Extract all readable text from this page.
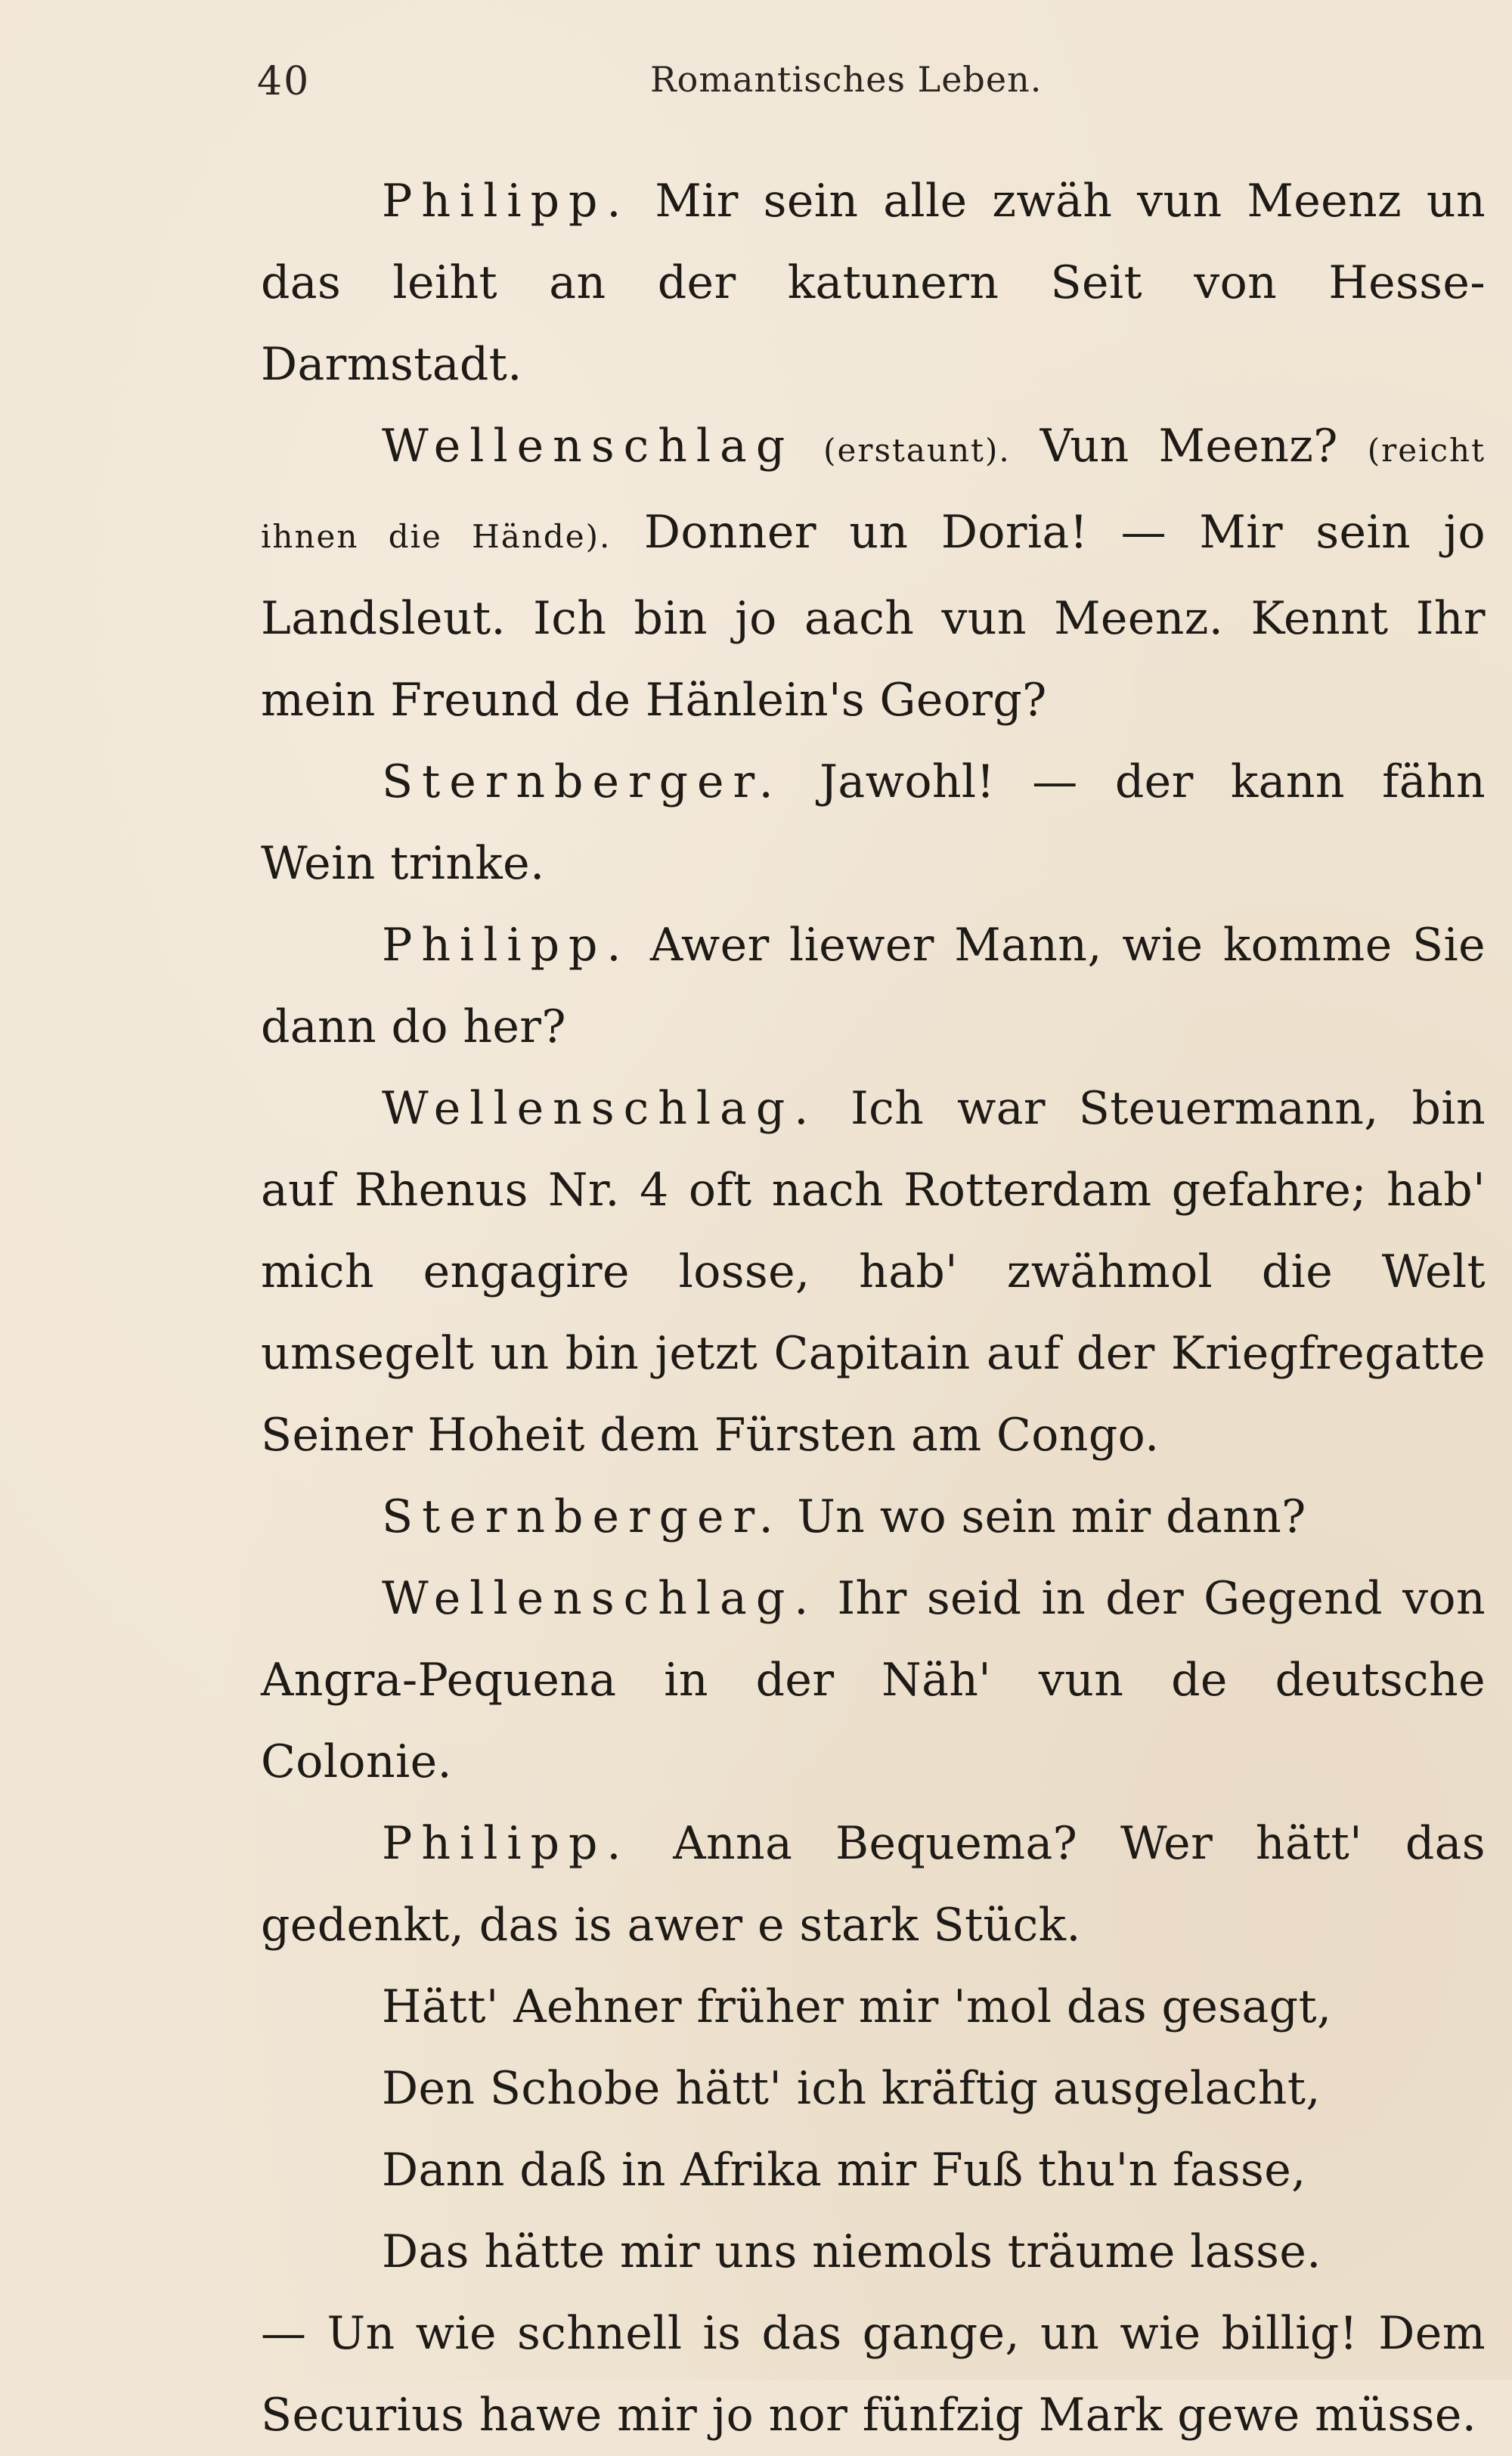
40	Romantisches Leben.

Philipp. Mir sein alle zwäh vun Meenz un das leiht an der katunern Seit von Hesse-Darmstadt.

Wellenschlag (erstaunt). Vun Meenz? (reicht ihnen die Hände). Donner un Doria! — Mir sein jo Landsleut. Ich bin jo aach vun Meenz. Kennt Ihr mein Freund de Hänlein's Georg?

Sternberger. Jawohl! — der kann fähn Wein trinke.

Philipp. Awer liewer Mann, wie komme Sie dann do her?

Wellenschlag. Ich war Steuermann, bin auf Rhenus Nr. 4 oft nach Rotterdam gefahre; hab' mich engagire losse, hab' zwähmol die Welt umsegelt un bin jetzt Capitain auf der Kriegfregatte Seiner Hoheit dem Fürsten am Congo.

Sternberger. Un wo sein mir dann?

Wellenschlag. Ihr seid in der Gegend von Angra-Pequena in der Näh' vun de deutsche Colonie.

Philipp. Anna Bequema? Wer hätt' das gedenkt, das is awer e stark Stück.

Hätt' Aehner früher mir 'mol das gesagt,

Den Schobe hätt' ich kräftig ausgelacht,

Dann daß in Afrika mir Fuß thu'n fasse,

Das hätte mir uns niemols träume lasse.

— Un wie schnell is das gange, un wie billig! Dem Securius hawe mir jo nor fünfzig Mark gewe müsse.
